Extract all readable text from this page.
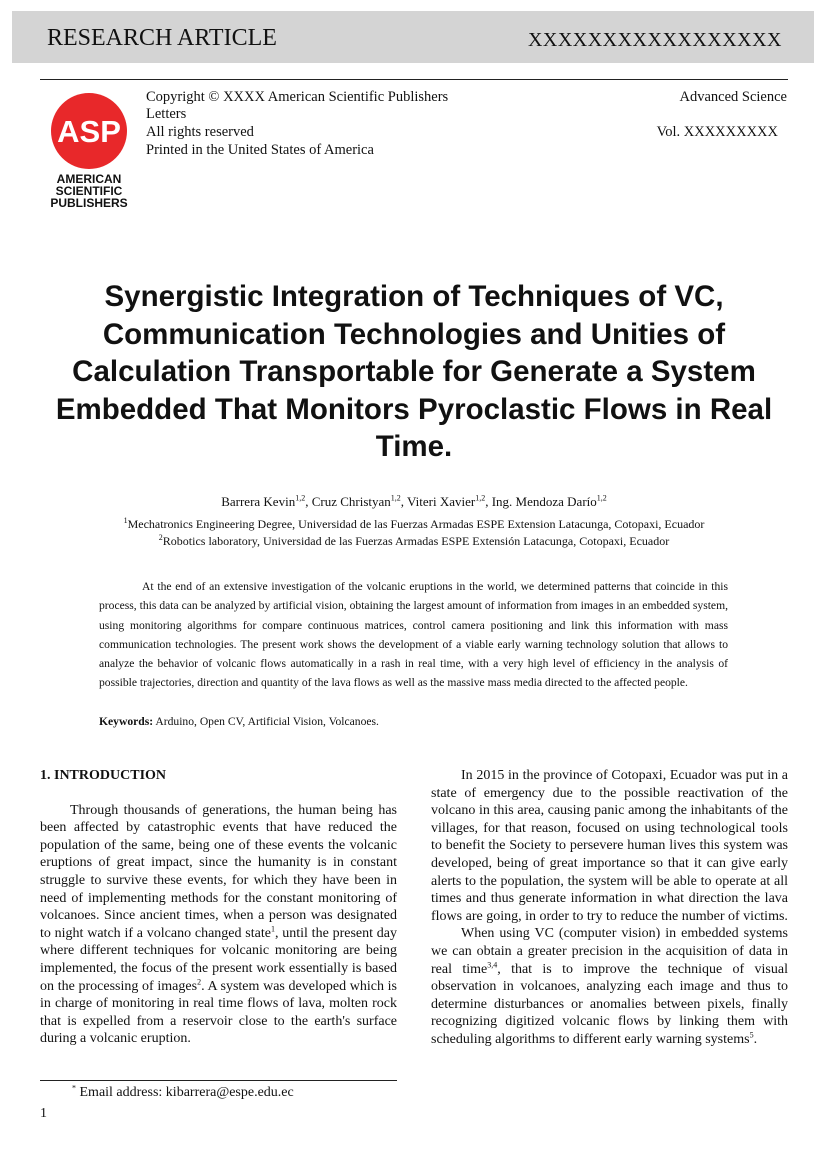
RESEARCH ARTICLE	XXXXXXXXXXXXXXXXX
ASP
AMERICAN
SCIENTIFIC
PUBLISHERS
Copyright © XXXX American Scientific Publishers
Letters
All rights reserved
Printed in the United States of America
Advanced Science
Vol. XXXXXXXXX
Synergistic Integration of Techniques of VC, Communication Technologies and Unities of Calculation Transportable for Generate a System Embedded That Monitors Pyroclastic Flows in Real Time.
Barrera Kevin$^{1,2}$, Cruz Christyan$^{1,2}$, Viteri Xavier$^{1,2}$, Ing. Mendoza Darío$^{1,2}$
$^1$Mechatronics Engineering Degree, Universidad de las Fuerzas Armadas ESPE Extension Latacunga, Cotopaxi, Ecuador
$^2$Robotics laboratory, Universidad de las Fuerzas Armadas ESPE Extensión Latacunga, Cotopaxi, Ecuador
At the end of an extensive investigation of the volcanic eruptions in the world, we determined patterns that coincide in this process, this data can be analyzed by artificial vision, obtaining the largest amount of information from images in an embedded system, using monitoring algorithms for compare continuous matrices, control camera positioning and link this information with mass communication technologies. The present work shows the development of a viable early warning technology solution that allows to analyze the behavior of volcanic flows automatically in a rash in real time, with a very high level of efficiency in the analysis of possible trajectories, direction and quantity of the lava flows as well as the massive mass media directed to the affected people.
Keywords: Arduino, Open CV, Artificial Vision, Volcanoes.

1. INTRODUCTION

Through thousands of generations, the human being has been affected by catastrophic events that have reduced the population of the same, being one of these events the volcanic eruptions of great impact, since the humanity is in constant struggle to survive these events, for which they have been in need of implementing methods for the constant monitoring of volcanoes. Since ancient times, when a person was designated to night watch if a volcano changed state$^1$, until the present day where different techniques for volcanic monitoring are being implemented, the focus of the present work essentially is based on the processing of images$^2$. A system was developed which is in charge of monitoring in real time flows of lava, molten rock that is expelled from a reservoir close to the earth's surface during a volcanic eruption.

In 2015 in the province of Cotopaxi, Ecuador was put in a state of emergency due to the possible reactivation of the volcano in this area, causing panic among the inhabitants of the villages, for that reason, focused on using technological tools to benefit the Society to persevere human lives this system was developed, being of great importance so that it can give early alerts to the population, the system will be able to operate at all times and thus generate information in what direction the lava flows are going, in order to try to reduce the number of victims.

When using VC (computer vision) in embedded systems we can obtain a greater precision in the acquisition of data in real time$^{3,4}$, that is to improve the technique of visual observation in volcanoes, analyzing each image and thus to determine disturbances or anomalies between pixels, finally recognizing digitized volcanic flows by linking them with scheduling algorithms to different early warning systems$^5$.

* Email address: kibarrera@espe.edu.ec
1
